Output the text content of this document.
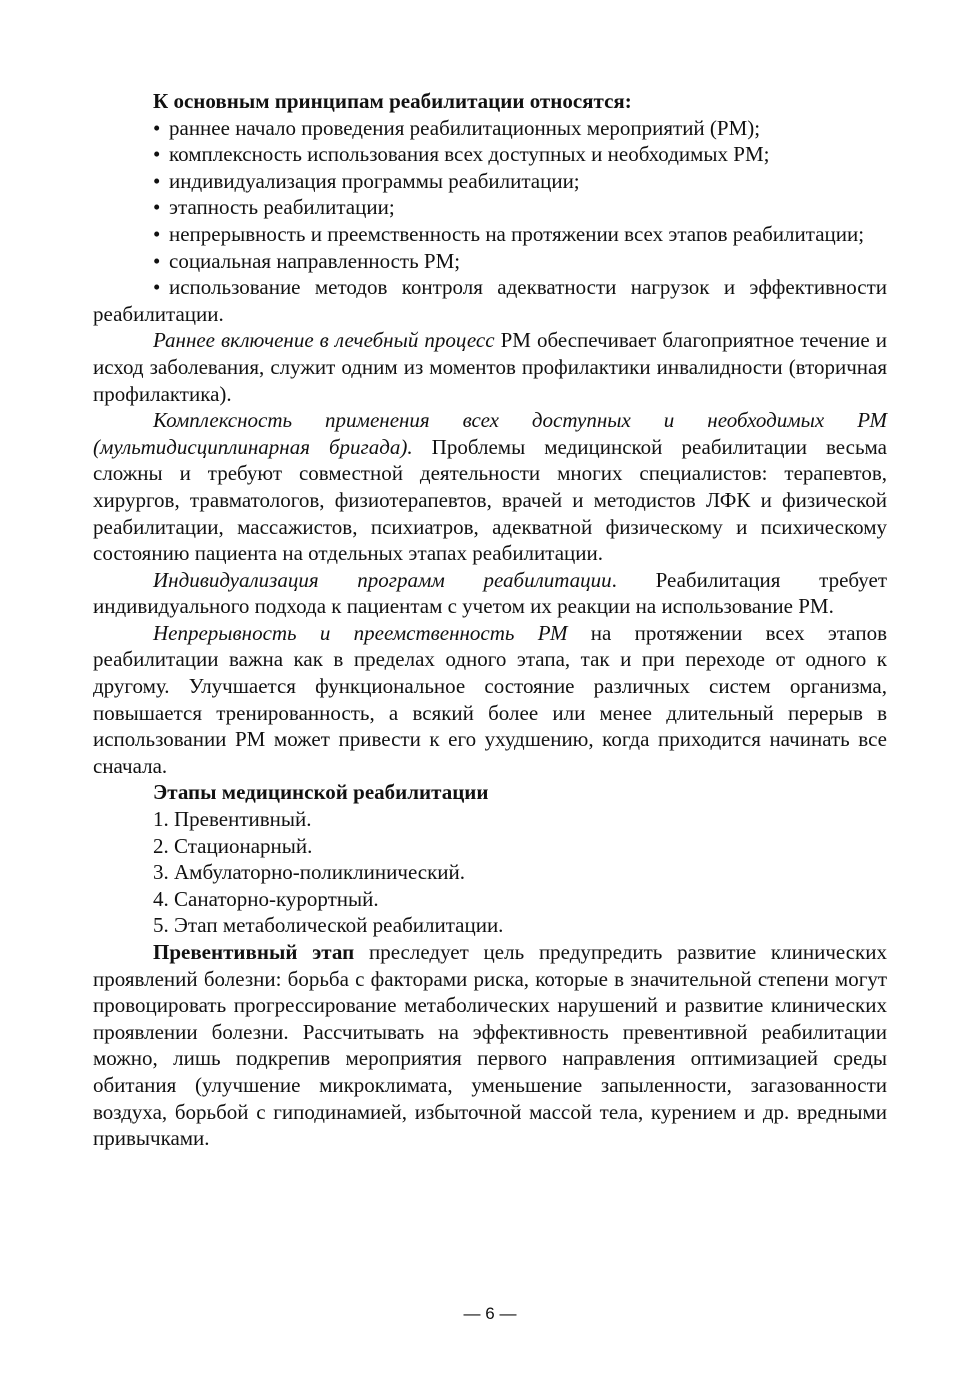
К основным принципам реабилитации относятся:

• раннее начало проведения реабилитационных мероприятий (РМ);

• комплексность использования всех доступных и необходимых РМ;

• индивидуализация программы реабилитации;

• этапность реабилитации;

• непрерывность и преемственность на протяжении всех этапов реабилитации;

• социальная направленность РМ;

• использование методов контроля адекватности нагрузок и эффективности реабилитации.

Раннее включение в лечебный процесс РМ обеспечивает благоприятное течение и исход заболевания, служит одним из моментов профилактики инвалидности (вторичная профилактика).

Комплексность применения всех доступных и необходимых РМ (мультидисциплинарная бригада). Проблемы медицинской реабилитации весьма сложны и требуют совместной деятельности многих специалистов: терапевтов, хирургов, травматологов, физиотерапевтов, врачей и методистов ЛФК и физической реабилитации, массажистов, психиатров, адекватной физическому и психическому состоянию пациента на отдельных этапах реабилитации.

Индивидуализация программ реабилитации. Реабилитация требует индивидуального подхода к пациентам с учетом их реакции на использование РМ.

Непрерывность и преемственность РМ на протяжении всех этапов реабилитации важна как в пределах одного этапа, так и при переходе от одного к другому. Улучшается функциональное состояние различных систем организма, повышается тренированность, а всякий более или менее длительный перерыв в использовании РМ может привести к его ухудшению, когда приходится начинать все сначала.

Этапы медицинской реабилитации

1. Превентивный.

2. Стационарный.

3. Амбулаторно-поликлинический.

4. Санаторно-курортный.

5. Этап метаболической реабилитации.

Превентивный этап преследует цель предупредить развитие клинических проявлений болезни: борьба с факторами риска, которые в значительной степени могут провоцировать прогрессирование метаболических нарушений и развитие клинических проявлении болезни. Рассчитывать на эффективность превентивной реабилитации можно, лишь подкрепив мероприятия первого направления оптимизацией среды обитания (улучшение микроклимата, уменьшение запыленности, загазованности воздуха, борьбой с гиподинамией, избыточной массой тела, курением и др. вредными привычками.

— 6 —
